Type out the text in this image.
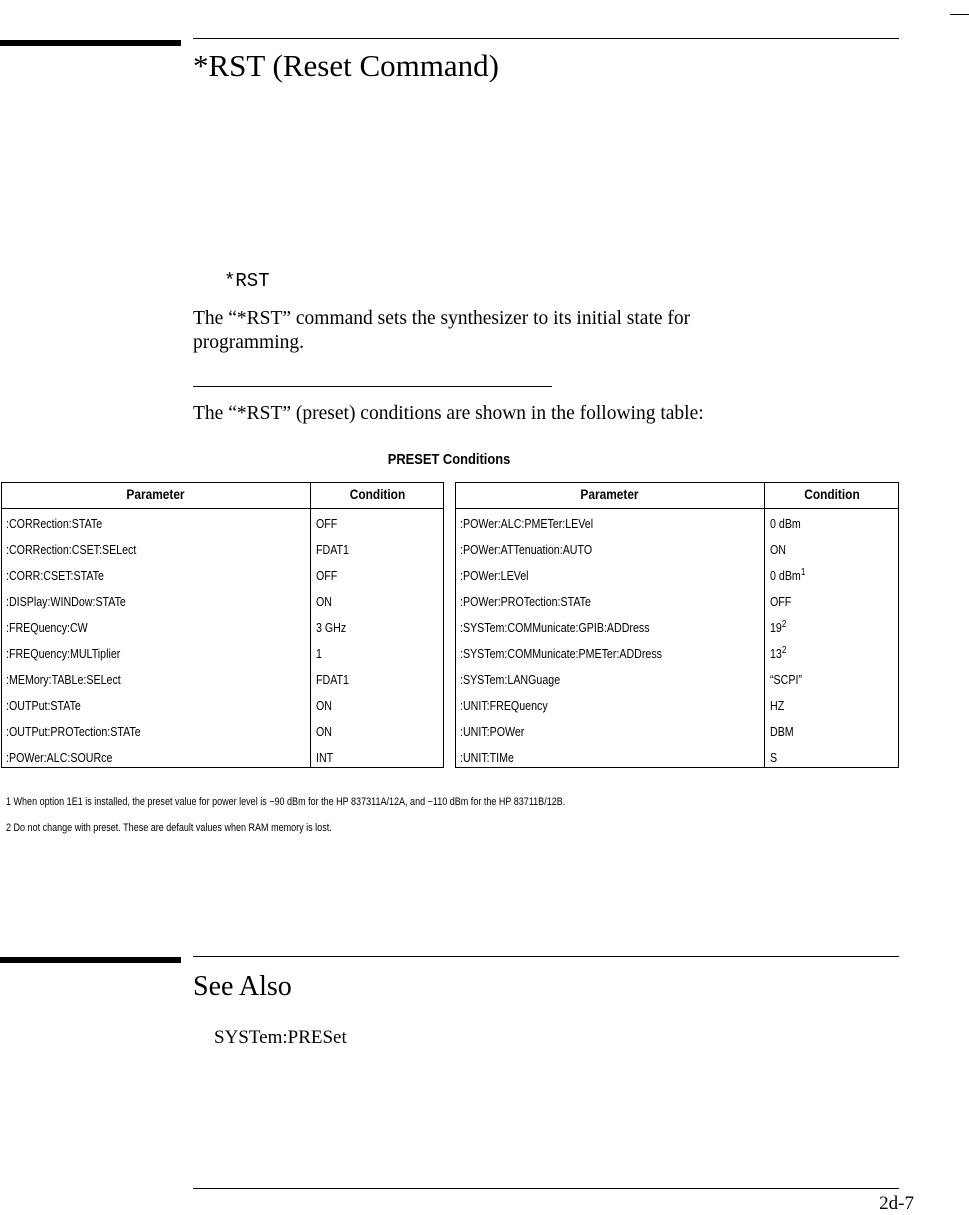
*RST (Reset Command)
*RST
The “*RST” command sets the synthesizer to its initial state for programming.
The “*RST” (preset) conditions are shown in the following table:
PRESET Conditions
Parameter	Condition	Parameter	Condition
:CORRection:STATe	OFF
:CORRection:CSET:SELect	FDAT1
:CORR:CSET:STATe	OFF
:DISPlay:WINDow:STATe	ON
:FREQuency:CW	3 GHz
:FREQuency:MULTiplier	1
:MEMory:TABLe:SELect	FDAT1
:OUTPut:STATe	ON
:OUTPut:PROTection:STATe	ON
:POWer:ALC:SOURce	INT
:POWer:ALC:PMETer:LEVel	0 dBm
:POWer:ATTenuation:AUTO	ON
:POWer:LEVel	0 dBm$^1$
:POWer:PROTection:STATe	OFF
:SYSTem:COMMunicate:GPIB:ADDress	$19^2$
:SYSTem:COMMunicate:PMETer:ADDress	$13^2$
:SYSTem:LANGuage	“SCPI”
:UNIT:FREQuency	HZ
:UNIT:POWer	DBM
:UNIT:TIMe	S
1 When option 1E1 is installed, the preset value for power level is −90 dBm for the HP 837311A/12A, and −110 dBm for the HP 83711B/12B.
2 Do not change with preset. These are default values when RAM memory is lost.
See Also
SYSTem:PRESet
2d-7
